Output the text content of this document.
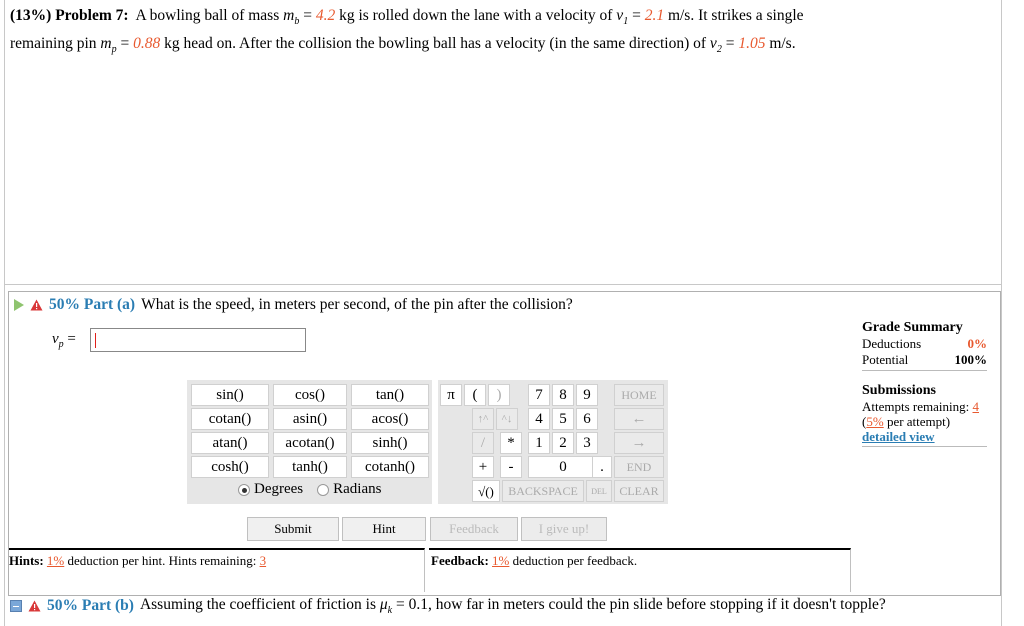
(13%) Problem 7: A bowling ball of mass $m_b = 4.2$ kg is rolled down the lane with a velocity of $v_1 = 2.1$ m/s. It strikes a single
remaining pin $m_p = 0.88$ kg head on. After the collision the bowling ball has a velocity (in the same direction) of $v_2 = 1.05$ m/s.
50% Part (a) What is the speed, in meters per second, of the pin after the collision?
$v_p$ =
Grade Summary
Deductions	0%
Potential	100%
Submissions
Attempts remaining: 4
(5% per attempt)
detailed view
sin()	cos()	tan()
cotan()	asin()	acos()
atan()	acotan()	sinh()
cosh()	tanh()	cotanh()
Degrees Radians
π	(	)	7	8	9	HOME
↑^	^↓	4	5	6	←
/	*	1	2	3	→
+	-	0	.	END
√()	BACKSPACE	DEL	CLEAR
Submit	Hint	Feedback	I give up!
Hints: 1% deduction per hint. Hints remaining: 3	Feedback: 1% deduction per feedback.
50% Part (b) Assuming the coefficient of friction is $\mu_k = 0.1$, how far in meters could the pin slide before stopping if it doesn't topple?
